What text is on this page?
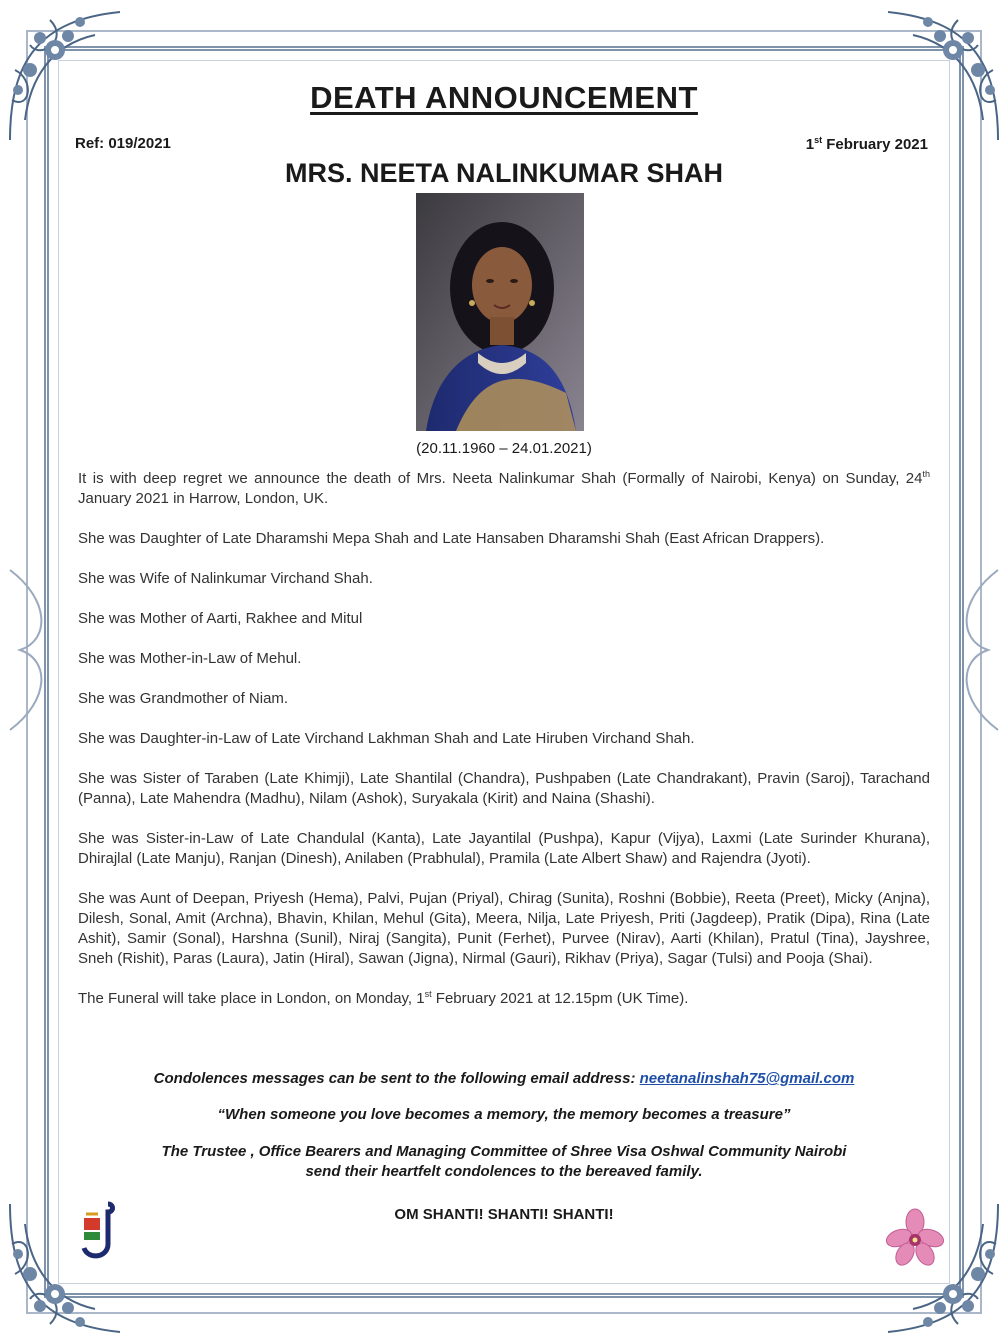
DEATH ANNOUNCEMENT
Ref: 019/2021	1st February 2021
MRS. NEETA NALINKUMAR SHAH
(20.11.1960 – 24.01.2021)

It is with deep regret we announce the death of Mrs. Neeta Nalinkumar Shah (Formally of Nairobi, Kenya) on Sunday, 24th January 2021 in Harrow, London, UK.

She was Daughter of Late Dharamshi Mepa Shah and Late Hansaben Dharamshi Shah (East African Drappers).

She was Wife of Nalinkumar Virchand Shah.

She was Mother of Aarti, Rakhee and Mitul

She was Mother-in-Law of Mehul.

She was Grandmother of Niam.

She was Daughter-in-Law of Late Virchand Lakhman Shah and Late Hiruben Virchand Shah.

She was Sister of Taraben (Late Khimji), Late Shantilal (Chandra), Pushpaben (Late Chandrakant), Pravin (Saroj), Tarachand (Panna), Late Mahendra (Madhu), Nilam (Ashok), Suryakala (Kirit) and Naina (Shashi).

She was Sister-in-Law of Late Chandulal (Kanta), Late Jayantilal (Pushpa), Kapur (Vijya), Laxmi (Late Surinder Khurana), Dhirajlal (Late Manju), Ranjan (Dinesh), Anilaben (Prabhulal), Pramila (Late Albert Shaw) and Rajendra (Jyoti).

She was Aunt of Deepan, Priyesh (Hema), Palvi, Pujan (Priyal), Chirag (Sunita), Roshni (Bobbie), Reeta (Preet), Micky (Anjna), Dilesh, Sonal, Amit (Archna), Bhavin, Khilan, Mehul (Gita), Meera, Nilja, Late Priyesh, Priti (Jagdeep), Pratik (Dipa), Rina (Late Ashit), Samir (Sonal), Harshna (Sunil), Niraj (Sangita), Punit (Ferhet), Purvee (Nirav), Aarti (Khilan), Pratul (Tina), Jayshree, Sneh (Rishit), Paras (Laura), Jatin (Hiral), Sawan (Jigna), Nirmal (Gauri), Rikhav (Priya), Sagar (Tulsi) and Pooja (Shai).

The Funeral will take place in London, on Monday, 1st February 2021 at 12.15pm (UK Time).

Condolences messages can be sent to the following email address: neetanalinshah75@gmail.com
“When someone you love becomes a memory, the memory becomes a treasure”
The Trustee , Office Bearers and Managing Committee of Shree Visa Oshwal Community Nairobi
send their heartfelt condolences to the bereaved family.
OM SHANTI! SHANTI! SHANTI!
